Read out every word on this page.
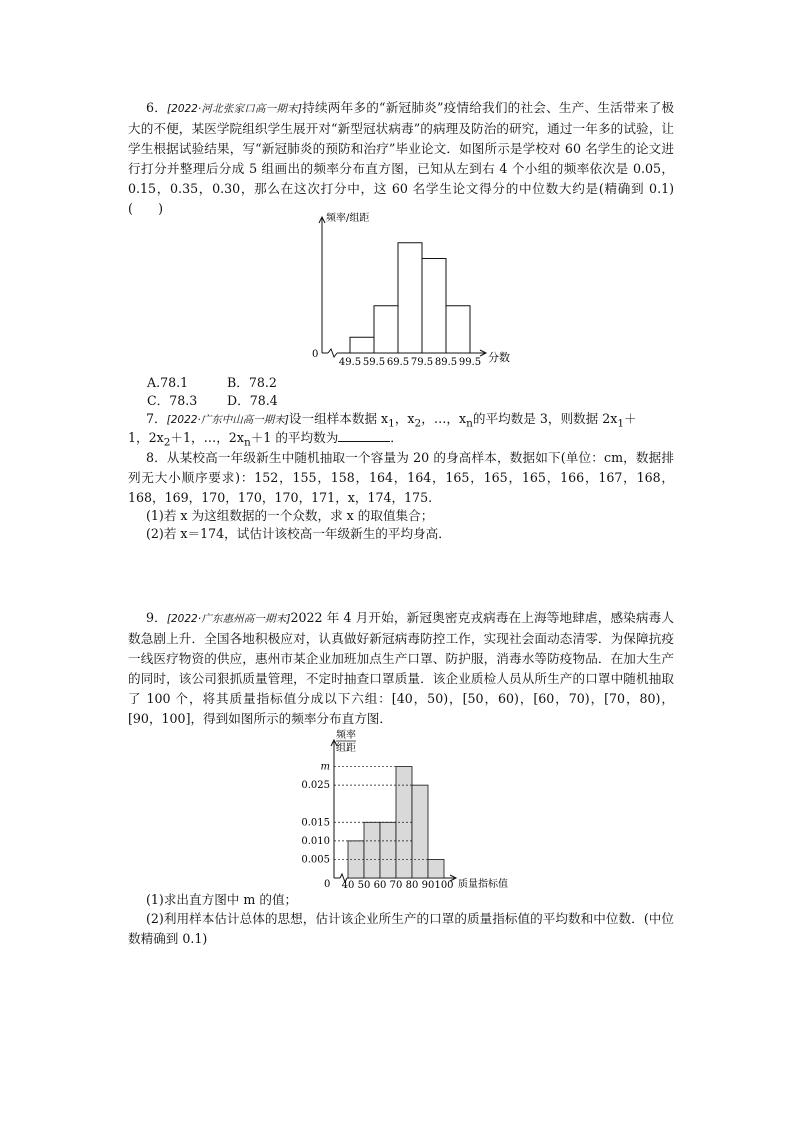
6．[2022·河北张家口高一期末]持续两年多的“新冠肺炎”疫情给我们的社会、生产、生活带来了极大的不便，某医学院组织学生展开对“新型冠状病毒”的病理及防治的研究，通过一年多的试验，让学生根据试验结果，写“新冠肺炎的预防和治疗”毕业论文．如图所示是学校对 60 名学生的论文进行打分并整理后分成 5 组画出的频率分布直方图，已知从左到右 4 个小组的频率依次是 0.05，0.15，0.35，0.30，那么在这次打分中，这 60 名学生论文得分的中位数大约是(精确到 0.1)(　　)
频率/组距
分数
0
49.5 59.5 69.5 79.5 89.5 99.5
A.78.1	B．78.2
C．78.3 D．78.4
7．[2022·广东中山高一期末]设一组样本数据 $x_1$，$x_2$，…，$x_n$的平均数是 3，则数据 $2x_1+$
1，$2x_2+1$，…，$2x_n+1$ 的平均数为	．
8．从某校高一年级新生中随机抽取一个容量为 20 的身高样本，数据如下(单位：cm，数据排列无大小顺序要求)：152，155，158，164，164，165，165，165，166，167，168，168，169，170，170，170，171，x，174，175.
(1)若 x 为这组数据的一个众数，求 x 的取值集合；
(2)若 x＝174，试估计该校高一年级新生的平均身高．
9．[2022·广东惠州高一期末]2022 年 4 月开始，新冠奥密克戎病毒在上海等地肆虐，感染病毒人数急剧上升．全国各地积极应对，认真做好新冠病毒防控工作，实现社会面动态清零．为保障抗疫一线医疗物资的供应，惠州市某企业加班加点生产口罩、防护服，消毒水等防疫物品．在加大生产的同时，该公司狠抓质量管理，不定时抽查口罩质量．该企业质检人员从所生产的口罩中随机抽取了 100 个，将其质量指标值分成以下六组：[40，50)，[50，60)，[60，70)，[70，80)，[90，100]，得到如图所示的频率分布直方图．
频率
组距
质量指标值
0
m
0.025
0.015
0.010
0.005
40 50 60 70 80 90 100
(1)求出直方图中 m 的值；
(2)利用样本估计总体的思想，估计该企业所生产的口罩的质量指标值的平均数和中位数．(中位数精确到 0.1)
